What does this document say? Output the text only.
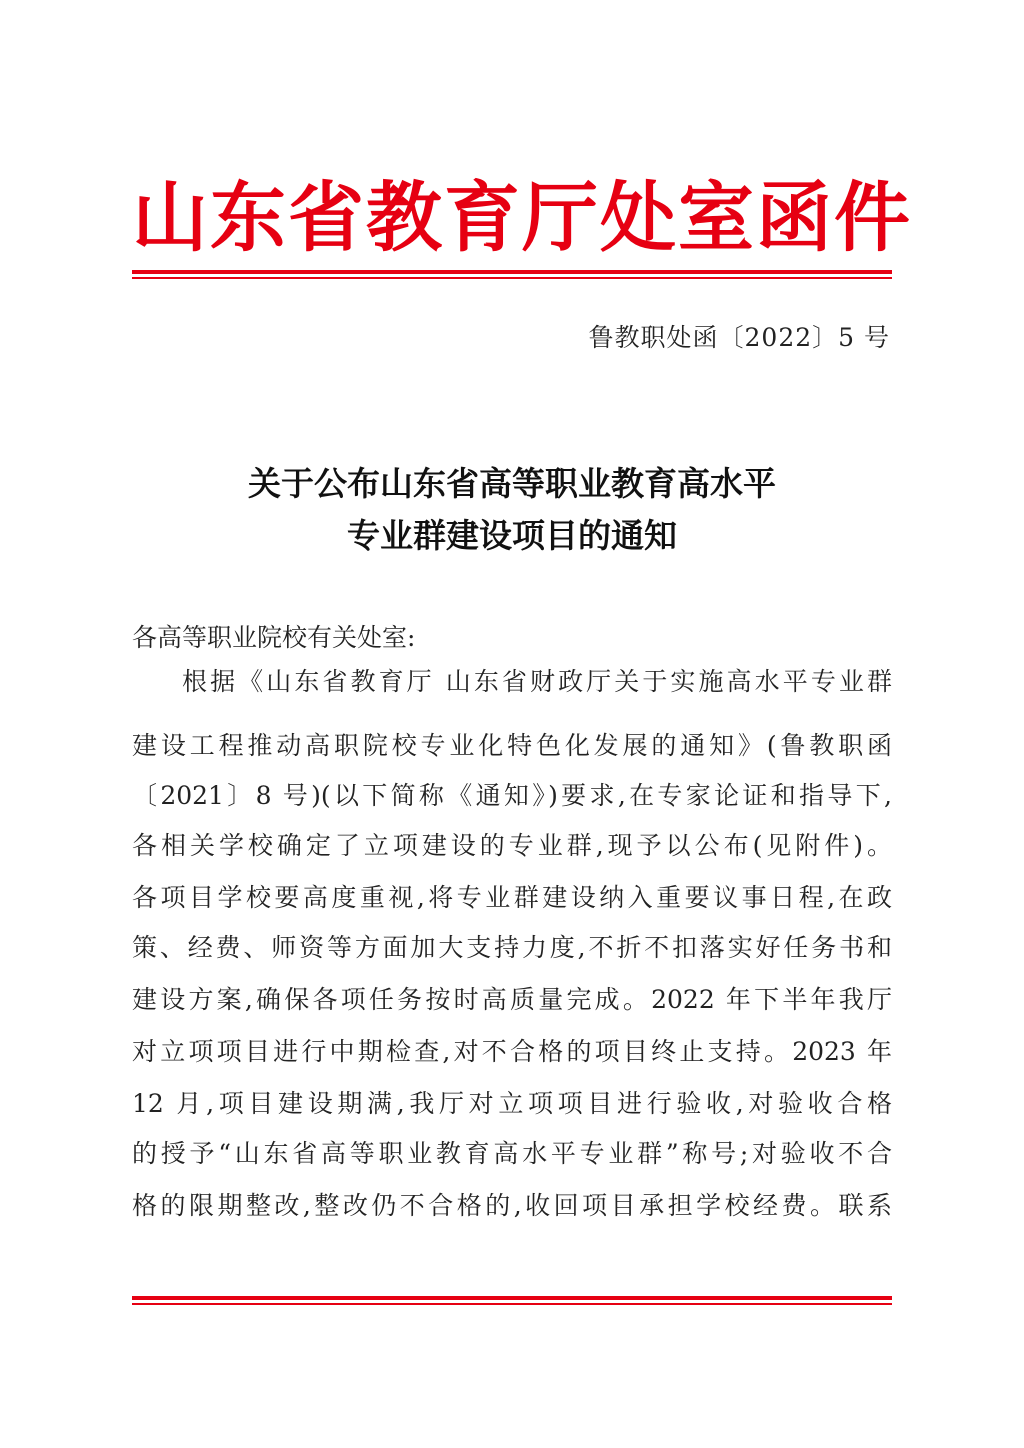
山东省教育厅处室函件
鲁教职处函〔2022〕5 号
关于公布山东省高等职业教育高水平
专业群建设项目的通知
各高等职业院校有关处室:
根据《山东省教育厅 山东省财政厅关于实施高水平专业群
建设工程推动高职院校专业化特色化发展的通知》(鲁教职函
〔2021〕8 号)(以下简称《通知》)要求,在专家论证和指导下,
各相关学校确定了立项建设的专业群,现予以公布(见附件)。
各项目学校要高度重视,将专业群建设纳入重要议事日程,在政
策、经费、师资等方面加大支持力度,不折不扣落实好任务书和
建设方案,确保各项任务按时高质量完成。2022 年下半年我厅
对立项项目进行中期检查,对不合格的项目终止支持。2023 年
12 月,项目建设期满,我厅对立项项目进行验收,对验收合格
的授予“山东省高等职业教育高水平专业群”称号;对验收不合
格的限期整改,整改仍不合格的,收回项目承担学校经费。联系
